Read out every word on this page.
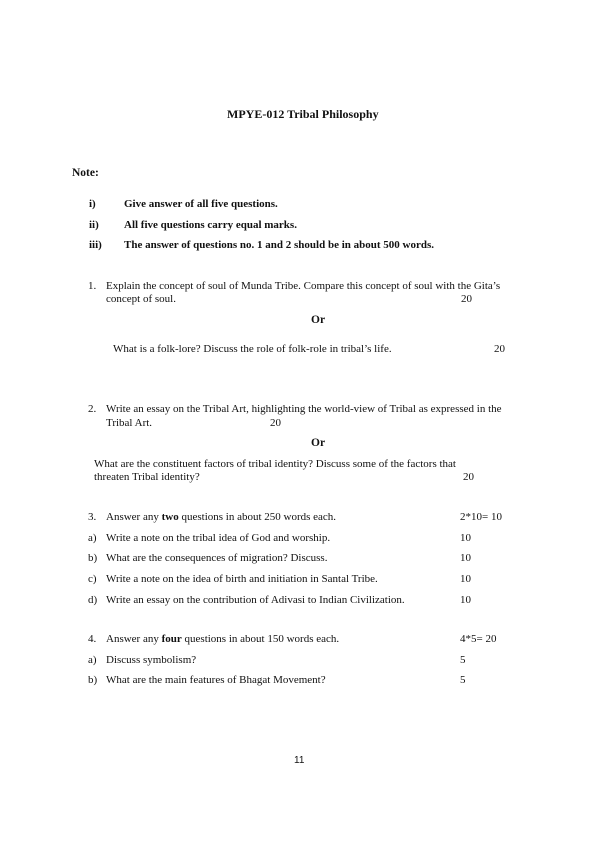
MPYE-012 Tribal Philosophy
Note:
i)	Give answer of all five questions.
ii) All five questions carry equal marks.
iii) The answer of questions no. 1 and 2 should be in about 500 words.
1. Explain the concept of soul of Munda Tribe. Compare this concept of soul with the Gita’s
concept of soul.	20
Or
What is a folk-lore? Discuss the role of folk-role in tribal’s life.	20
2. Write an essay on the Tribal Art, highlighting the world-view of Tribal as expressed in the
Tribal Art.	20
Or
What are the constituent factors of tribal identity? Discuss some of the factors that
threaten Tribal identity?	20
3. Answer any two questions in about 250 words each.	2*10= 10
a) Write a note on the tribal idea of God and worship.	10
b) What are the consequences of migration? Discuss.	10
c) Write a note on the idea of birth and initiation in Santal Tribe.	10
d) Write an essay on the contribution of Adivasi to Indian Civilization.	10
4. Answer any four questions in about 150 words each.	4*5= 20
a) Discuss symbolism?	5
b) What are the main features of Bhagat Movement?	5
11
